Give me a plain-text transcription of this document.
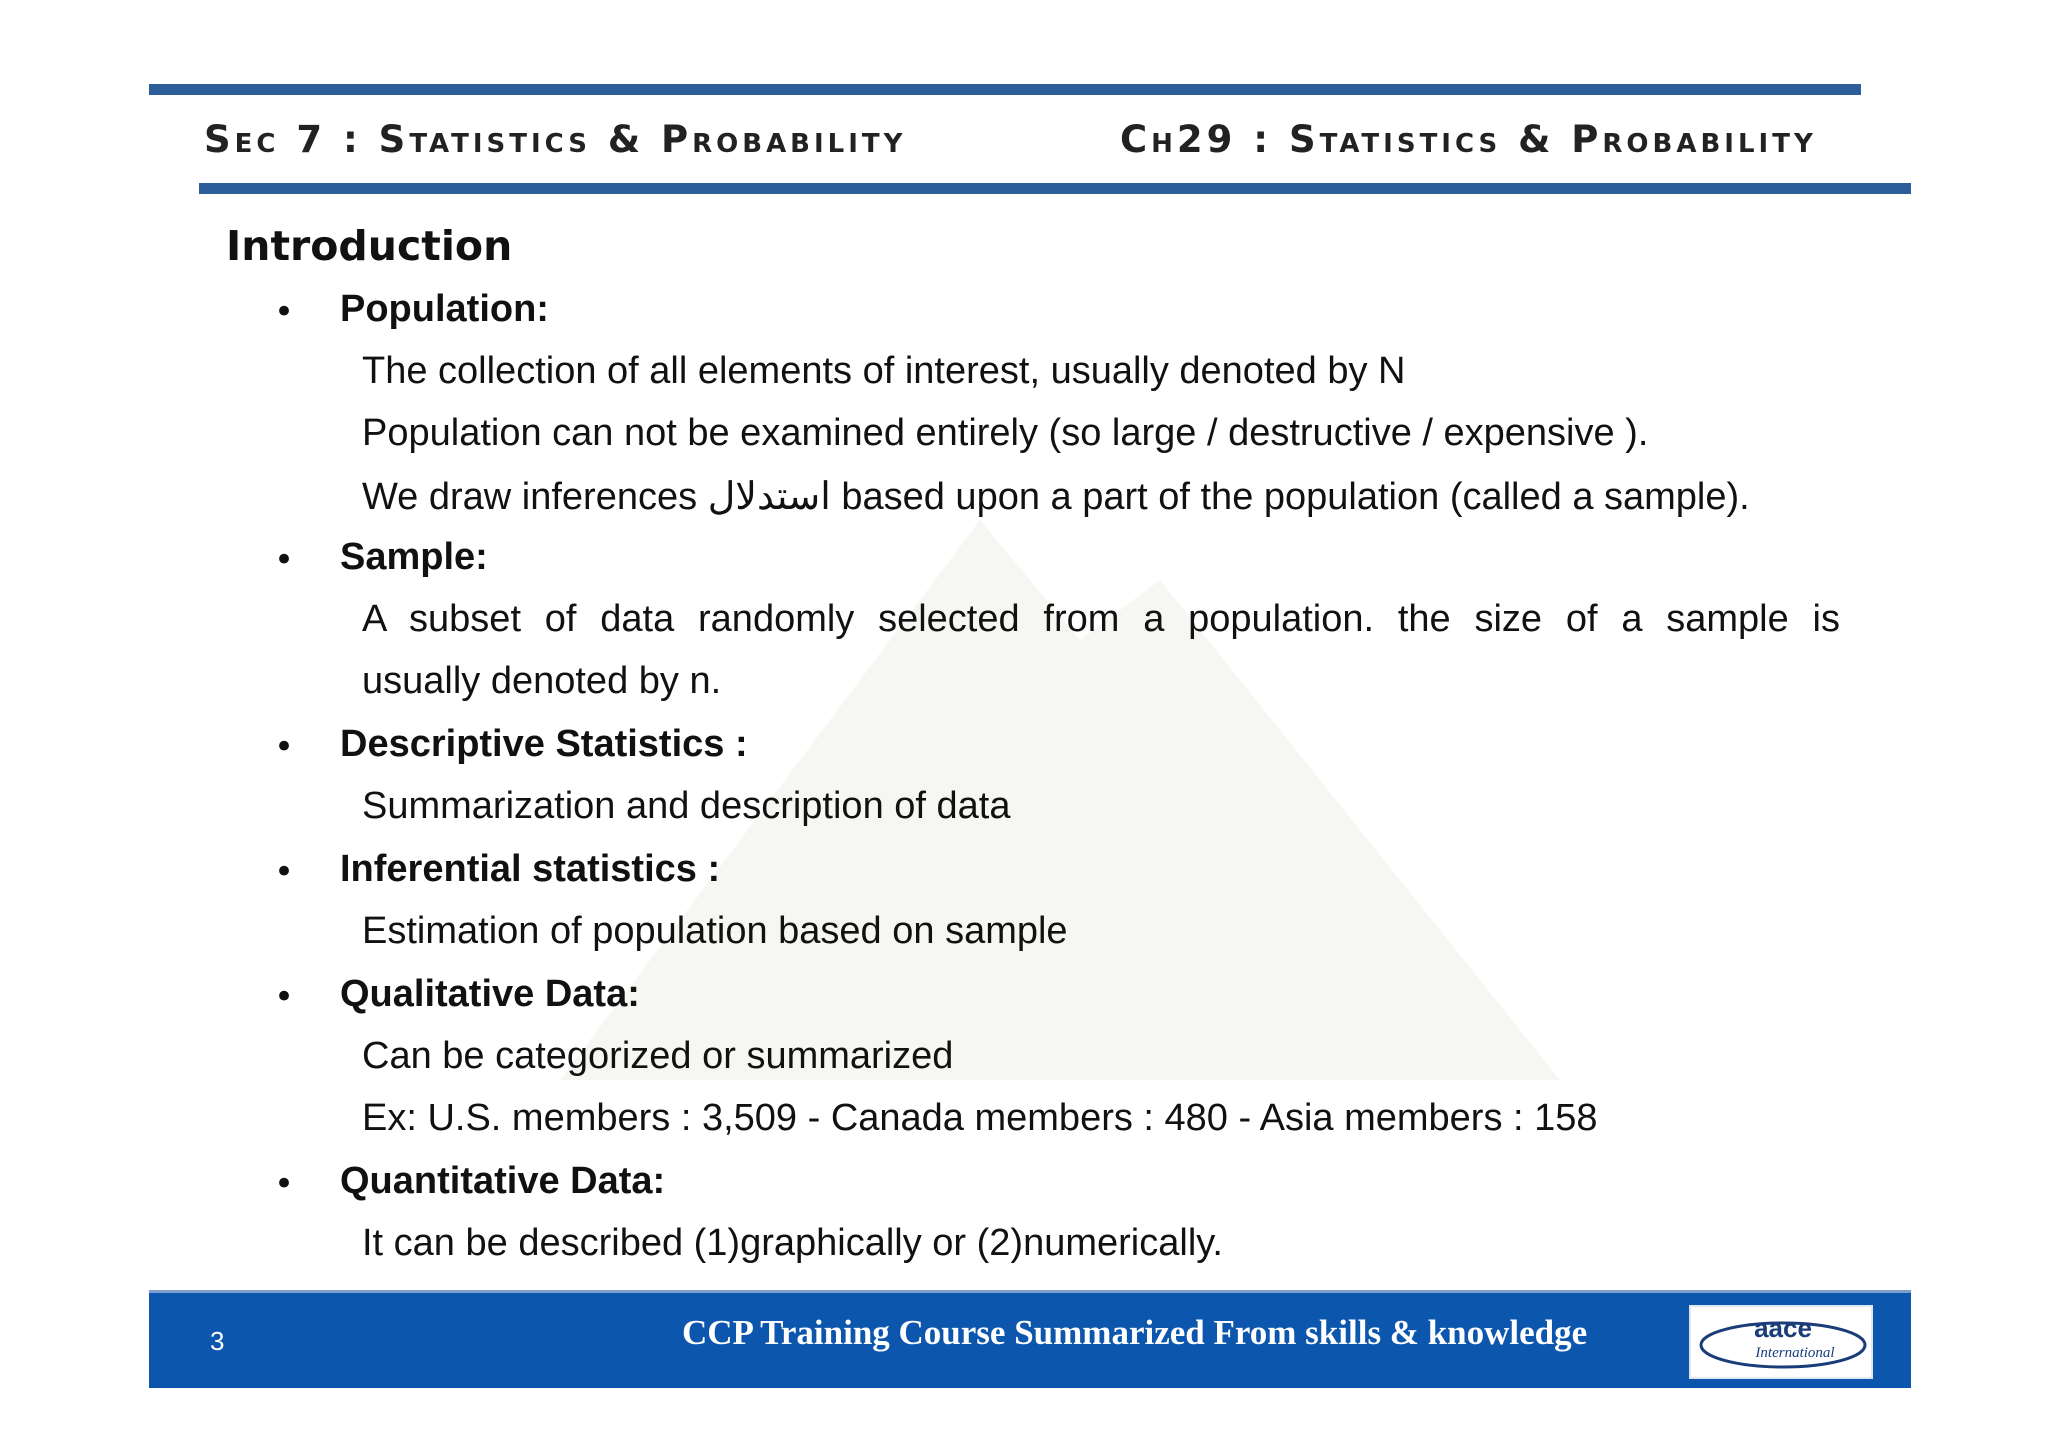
Sec 7 : Statistics & Probability	Ch29 : Statistics & Probability
Introduction
• Population:
The collection of all elements of interest, usually denoted by N
Population can not be examined entirely (so large / destructive / expensive ).
We draw inferences استدلال based upon a part of the population (called a sample).
• Sample:
A subset of data randomly selected from a population. the size of a sample is
usually denoted by n.
• Descriptive Statistics :
Summarization and description of data
• Inferential statistics :
Estimation of population based on sample
• Qualitative Data:
Can be categorized or summarized
Ex: U.S. members : 3,509 - Canada members : 480 - Asia members : 158
• Quantitative Data:
It can be described (1)graphically or (2)numerically.
3	CCP Training Course Summarized From skills & knowledge	aace
International
